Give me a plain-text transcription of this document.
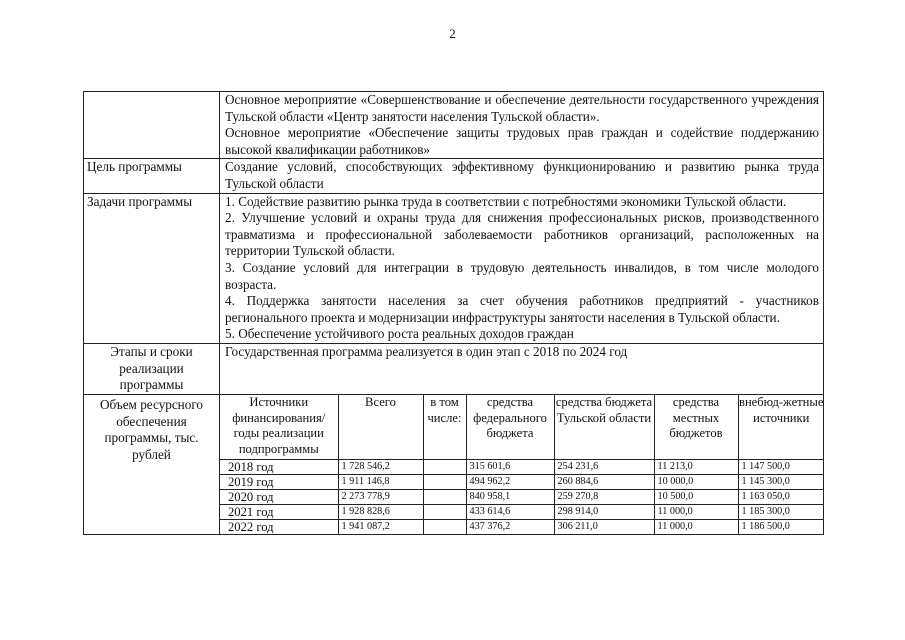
2

Основное мероприятие «Совершенствование и обеспечение деятельности государственного учреждения Тульской области «Центр занятости населения Тульской области».

Основное мероприятие «Обеспечение защиты трудовых прав граждан и содействие поддержанию высокой квалификации работников»

Цель программы	Создание условий, способствующих эффективному функционированию и развитию рынка труда Тульской области
Задачи программы	1. Содействие развитию рынка труда в соответствии с потребностями экономики Тульской области.

2. Улучшение условий и охраны труда для снижения профессиональных рисков, производственного травматизма и профессиональной заболеваемости работников организаций, расположенных на территории Тульской области.

3. Создание условий для интеграции в трудовую деятельность инвалидов, в том числе молодого возраста.

4. Поддержка занятости населения за счет обучения работников предприятий - участников регионального проекта и модернизации инфраструктуры занятости населения в Тульской области.

5. Обеспечение устойчивого роста реальных доходов граждан

Этапы и сроки реализации программы	Государственная программа реализуется в один этап с 2018 по 2024 год
Объем ресурсного обеспечения программы, тыс. рублей	
Источники финансирования/ годы реализации подпрограммы	Всего	в том числе:	средства федерального бюджета	средства бюджета Тульской области	средства местных бюджетов	внебюд-жетные источники
2018 год	1 728 546,2		315 601,6	254 231,6	11 213,0	1 147 500,0
2019 год	1 911 146,8		494 962,2	260 884,6	10 000,0	1 145 300,0
2020 год	2 273 778,9		840 958,1	259 270,8	10 500,0	1 163 050,0
2021 год	1 928 828,6		433 614,6	298 914,0	11 000,0	1 185 300,0
2022 год	1 941 087,2		437 376,2	306 211,0	11 000,0	1 186 500,0
